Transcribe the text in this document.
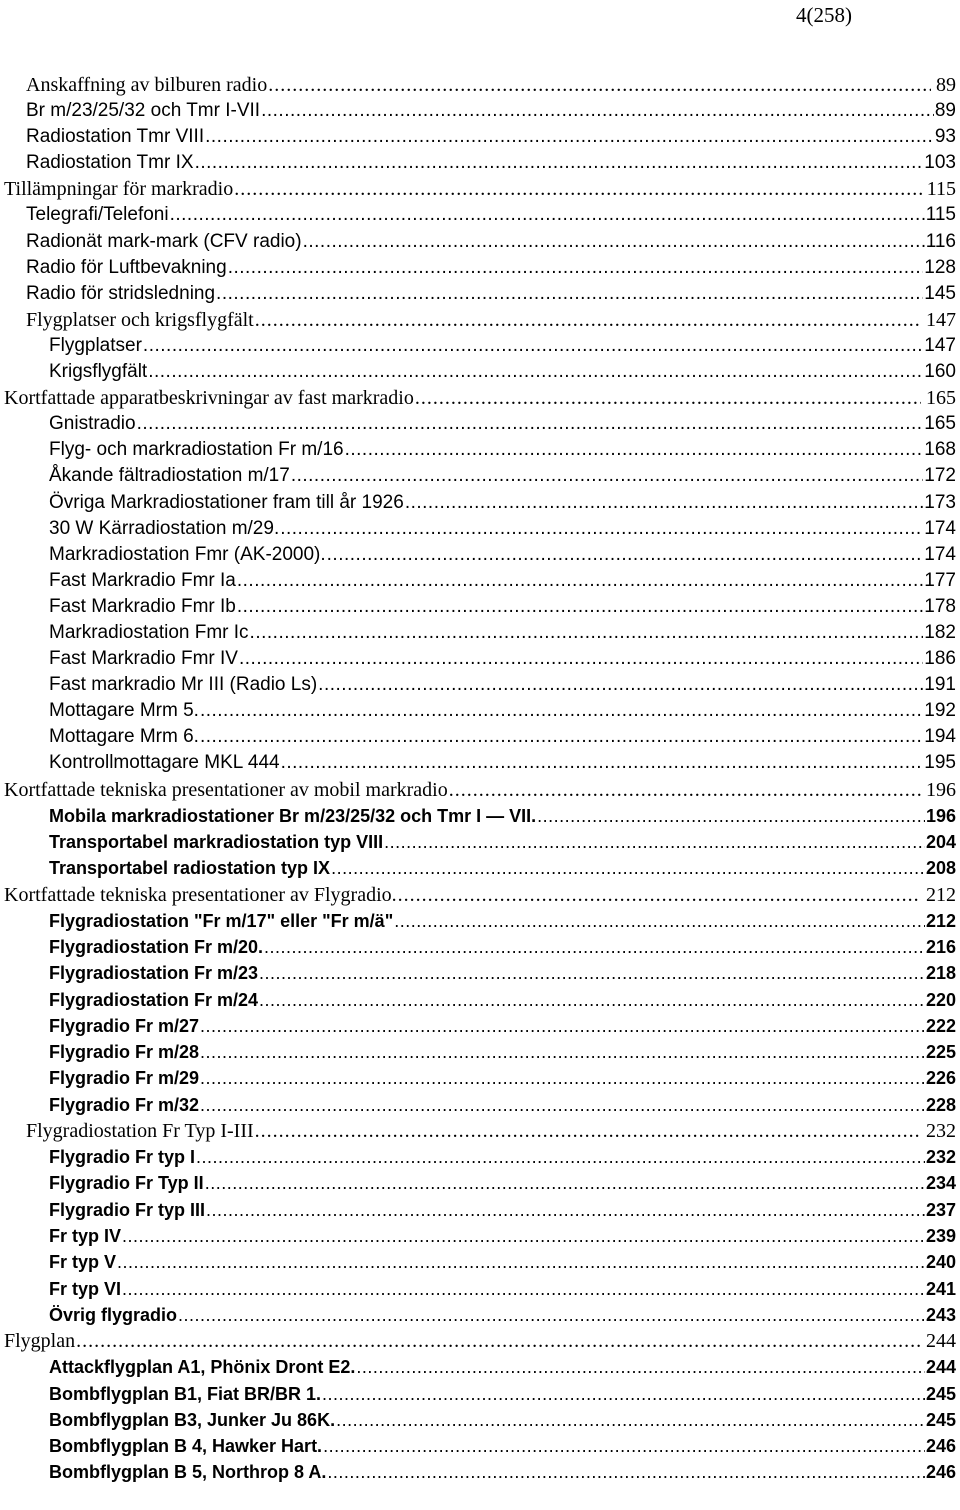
4(258)
Anskaffning av bilburen radio .....	89
Br m/23/25/32 och Tmr I-VII .....	89
Radiostation Tmr VIII .....	93
Radiostation Tmr IX .....	103
Tillämpningar för markradio .....	115
Telegrafi/Telefoni .....	115
Radionät mark-mark (CFV radio) .....	116
Radio för Luftbevakning .....	128
Radio för stridsledning .....	145
Flygplatser och krigsflygfält .....	147
Flygplatser .....	147
Krigsflygfält .....	160
Kortfattade apparatbeskrivningar av fast markradio .....	165
Gnistradio .....	165
Flyg- och markradiostation Fr m/16 .....	168
Åkande fältradiostation m/17 .....	172
Övriga Markradiostationer fram till år 1926 .....	173
30 W Kärradiostation m/29. .....	174
Markradiostation Fmr (AK-2000). .....	174
Fast Markradio Fmr Ia .....	177
Fast Markradio Fmr Ib .....	178
Markradiostation Fmr Ic .....	182
Fast Markradio Fmr IV .....	186
Fast markradio Mr III (Radio Ls) .....	191
Mottagare Mrm 5. .....	192
Mottagare Mrm 6. .....	194
Kontrollmottagare MKL 444 .....	195
Kortfattade tekniska presentationer av mobil markradio .....	196
Mobila markradiostationer Br m/23/25/32 och Tmr I — VII. .....	196
Transportabel markradiostation typ VIII .....	204
Transportabel radiostation typ IX .....	208
Kortfattade tekniska presentationer av Flygradio. .....	212
Flygradiostation "Fr m/17" eller "Fr m/ä" .....	212
Flygradiostation Fr m/20. .....	216
Flygradiostation Fr m/23 .....	218
Flygradiostation Fr m/24 .....	220
Flygradio Fr m/27 .....	222
Flygradio Fr m/28 .....	225
Flygradio Fr m/29 .....	226
Flygradio Fr m/32 .....	228
Flygradiostation Fr Typ I-III .....	232
Flygradio Fr typ I .....	232
Flygradio Fr Typ II .....	234
Flygradio Fr typ III .....	237
Fr typ IV .....	239
Fr typ V .....	240
Fr typ VI .....	241
Övrig flygradio .....	243
Flygplan .....	244
Attackflygplan A1, Phönix Dront E2. .....	244
Bombflygplan B1, Fiat BR/BR 1. .....	245
Bombflygplan B3, Junker Ju 86K. .....	245
Bombflygplan B 4, Hawker Hart. .....	246
Bombflygplan B 5, Northrop 8 A. .....	246
